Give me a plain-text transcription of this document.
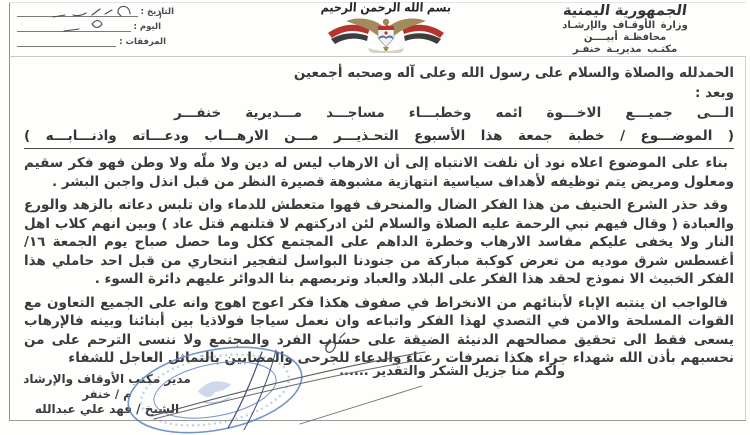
التاريخ :
اليوم :
المرفقات :
بسم الله الرحمن الرحيم	الجمهورية اليمنية
وزارة الأوقـاف والإرشـاد
محافظـة أبيــــن
مكتـب مديريـة خنفـر

الحمدلله والصلاة والسلام على رسول الله وعلى آله وصحبه أجمعين

وبعد :

الـــى جميـــع الاخـــوة ائمه وخطبـــاء مساجـــد مـــديرية خنفـــر

( الموضـــوع / خطبة جمعة هذا الأسبوع التحـذيـــر مـــن الارهـــاب ودعـــاته واذنـــابـــه )

بناء على الموضوع اعلاه نود أن نلفت الانتباه إلى أن الارهاب ليس له دين ولا ملّه ولا وطن فهو فكر سقيم ومعلول ومريض يتم توظيفه لأهداف سياسية انتهازية مشبوهة قصيرة النظر من قبل انذل واجبن البشر .

وقد حذر الشرع الحنيف من هذا الفكر الضال والمنحرف فهوا متعطش للدماء وان تلبس دعاته بالزهد والورع والعبادة ( وقال فيهم نبي الرحمة عليه الصلاة والسلام لئن ادركتهم لا قتلنهم قتل عاد ) وبين انهم كلاب اهل النار ولا يخفى عليكم مفاسد الارهاب وخطرة الداهم على المجتمع ككل وما حصل صباح يوم الجمعة ١٦/أغسطس شرق موديه من تعرض كوكبة مباركة من جنودنا البواسل لتفجير انتحاري من قبل احد حاملي هذا الفكر الخبيث الا نموذج لحقد هذا الفكر على البلاد والعباد وتربصهم بنا الدوائر عليهم دائرة السوء .

فالواجب ان ينتبه الإباء لأبنائهم من الانخراط في صفوف هكذا فكر اعوج اهوج وانه على الجميع التعاون مع القوات المسلحة والامن في التصدي لهذا الفكر واتباعه وان نعمل سياجا فولاذيا بين أبنائنا وبينه فالإرهاب يسعى فقط الى تحقيق مصالحهم الدنيئة الضيقة على حساب الفرد والمجتمع ولا ننسى الترحم على من نحسبهم بأذن الله شهداء جراء هكذا تصرفات رعناء والدعاء للجرحى والمصابين بالتماثل العاجل للشفاء

ولكم منا جزيل الشكر والتقدير ......
مدير مكتب الأوقاف والإرشاد
م / خنفر
الشيخ / فهد علي عبدالله
